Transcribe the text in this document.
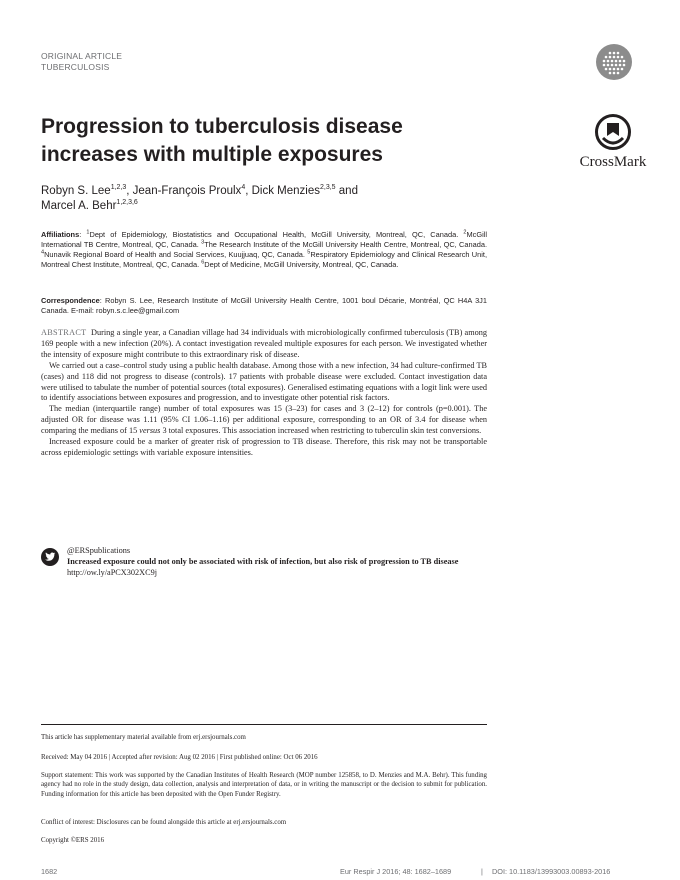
ORIGINAL ARTICLE
TUBERCULOSIS
CrossMark
Progression to tuberculosis disease
increases with multiple exposures
Robyn S. Lee$^{1,2,3}$, Jean-François Proulx$^4$, Dick Menzies$^{2,3,5}$ and
Marcel A. Behr$^{1,2,3,6}$
Affiliations: $^1$Dept of Epidemiology, Biostatistics and Occupational Health, McGill University, Montreal, QC, Canada. $^2$McGill International TB Centre, Montreal, QC, Canada. $^3$The Research Institute of the McGill University Health Centre, Montreal, QC, Canada. $^4$Nunavik Regional Board of Health and Social Services, Kuujjuaq, QC, Canada. $^5$Respiratory Epidemiology and Clinical Research Unit, Montreal Chest Institute, Montreal, QC, Canada. $^6$Dept of Medicine, McGill University, Montreal, QC, Canada.
Correspondence: Robyn S. Lee, Research Institute of McGill University Health Centre, 1001 boul Décarie, Montréal, QC H4A 3J1 Canada. E-mail: robyn.s.c.lee@gmail.com

ABSTRACT During a single year, a Canadian village had 34 individuals with microbiologically confirmed tuberculosis (TB) among 169 people with a new infection (20%). A contact investigation revealed multiple exposures for each person. We investigated whether the intensity of exposure might contribute to this extraordinary risk of disease.

We carried out a case–control study using a public health database. Among those with a new infection, 34 had culture-confirmed TB (cases) and 118 did not progress to disease (controls). 17 patients with probable disease were excluded. Contact investigation data were utilised to tabulate the number of potential sources (total exposures). Generalised estimating equations with a logit link were used to identify associations between exposures and progression, and to investigate other potential risk factors.

The median (interquartile range) number of total exposures was 15 (3–23) for cases and 3 (2–12) for controls (p=0.001). The adjusted OR for disease was 1.11 (95% CI 1.06–1.16) per additional exposure, corresponding to an OR of 3.4 for disease when comparing the medians of 15 versus 3 total exposures. This association increased when restricting to tuberculin skin test conversions.

Increased exposure could be a marker of greater risk of progression to TB disease. Therefore, this risk may not be transportable across epidemiologic settings with variable exposure intensities.

@ERSpublications
Increased exposure could not only be associated with risk of infection, but also risk of progression to TB disease http://ow.ly/aPCX302XC9j
This article has supplementary material available from erj.ersjournals.com
Received: May 04 2016 | Accepted after revision: Aug 02 2016 | First published online: Oct 06 2016
Support statement: This work was supported by the Canadian Institutes of Health Research (MOP number 125858, to D. Menzies and M.A. Behr). This funding agency had no role in the study design, data collection, analysis and interpretation of data, or in writing the manuscript or the decision to submit for publication. Funding information for this article has been deposited with the Open Funder Registry.
Conflict of interest: Disclosures can be found alongside this article at erj.ersjournals.com
Copyright ©ERS 2016
1682	Eur Respir J 2016; 48: 1682–1689	| DOI: 10.1183/13993003.00893-2016
